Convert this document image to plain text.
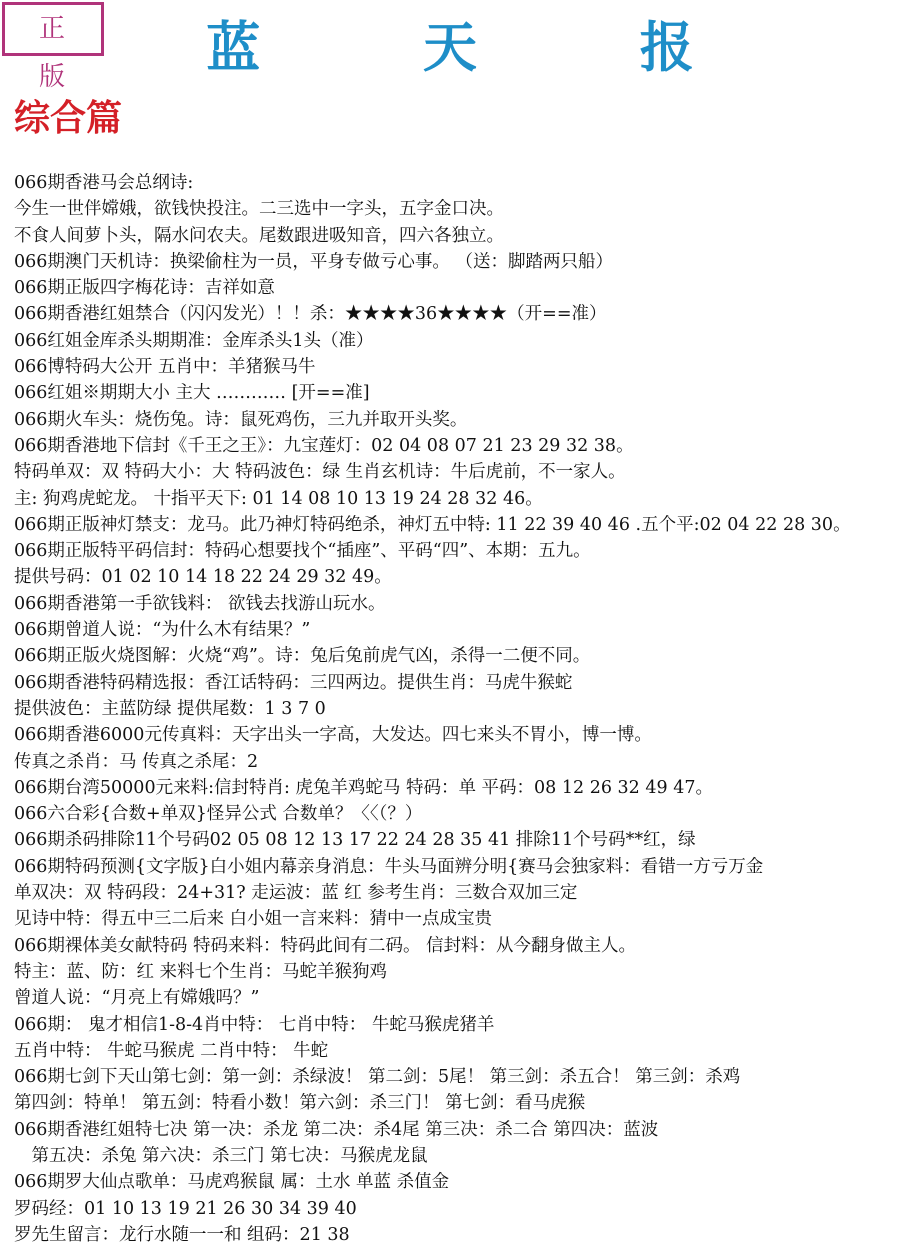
正 版	蓝 天 报
综合篇
066期香港马会总纲诗:
今生一世伴嫦娥，欲钱快投注。二三选中一字头，五字金口决。
不食人间萝卜头，隔水问农夫。尾数跟进吸知音，四六各独立。
066期澳门天机诗：换梁偷柱为一员，平身专做亏心事。 （送：脚踏两只船）
066期正版四字梅花诗：吉祥如意
066期香港红姐禁合（闪闪发光）！！杀：★★★★36★★★★（开==准）
066红姐金库杀头期期准：金库杀头1头（准）
066博特码大公开 五肖中：羊猪猴马牛
066红姐※期期大小 主大 ………… [开==准]
066期火车头：烧伤兔。诗：鼠死鸡伤，三九并取开头奖。
066期香港地下信封《千王之王》：九宝莲灯：02 04 08 07 21 23 29 32 38。
特码单双：双 特码大小：大 特码波色：绿 生肖玄机诗：牛后虎前，不一家人。
主: 狗鸡虎蛇龙。 十指平天下: 01 14 08 10 13 19 24 28 32 46。
066期正版神灯禁支：龙马。此乃神灯特码绝杀，神灯五中特: 11 22 39 40 46 .五个平:02 04 22 28 30。
066期正版特平码信封：特码心想要找个“插座”、平码“四”、本期：五九。
提供号码：01 02 10 14 18 22 24 29 32 49。
066期香港第一手欲钱料： 欲钱去找游山玩水。
066期曾道人说：“为什么木有结果？”
066期正版火烧图解：火烧“鸡”。诗：兔后兔前虎气凶，杀得一二便不同。
066期香港特码精选报：香江话特码：三四两边。提供生肖：马虎牛猴蛇
提供波色：主蓝防绿 提供尾数：1 3 7 0
066期香港6000元传真料：天字出头一字高，大发达。四七来头不胃小，博一博。
传真之杀肖：马 传真之杀尾：2
066期台湾50000元来料:信封特肖: 虎兔羊鸡蛇马 特码：单 平码：08 12 26 32 49 47。
066六合彩{合数+单双}怪异公式 合数单？〈〈（？）
066期杀码排除11个号码02 05 08 12 13 17 22 24 28 35 41 排除11个号码**红，绿
066期特码预测{文字版}白小姐内幕亲身消息：牛头马面辨分明{赛马会独家料：看错一方亏万金
单双决：双 特码段：24+31? 走运波：蓝 红 参考生肖：三数合双加三定
见诗中特：得五中三二后来 白小姐一言来料：猜中一点成宝贵
066期裸体美女献特码 特码来料：特码此间有二码。 信封料：从今翻身做主人。
特主：蓝、防：红 来料七个生肖：马蛇羊猴狗鸡
曾道人说：“月亮上有嫦娥吗？”
066期： 鬼才相信1-8-4肖中特： 七肖中特： 牛蛇马猴虎猪羊
五肖中特： 牛蛇马猴虎 二肖中特： 牛蛇
066期七剑下天山第七剑：第一剑：杀绿波！ 第二剑：5尾！ 第三剑：杀五合！ 第三剑：杀鸡
第四剑：特单！ 第五剑：特看小数！第六剑：杀三门！ 第七剑：看马虎猴
066期香港红姐特七决 第一决：杀龙 第二决：杀4尾 第三决：杀二合 第四决：蓝波
　第五决：杀兔 第六决：杀三门 第七决：马猴虎龙鼠
066期罗大仙点歌单：马虎鸡猴鼠 属：土水 单蓝 杀值金
罗码经：01 10 13 19 21 26 30 34 39 40
罗先生留言：龙行水随一一和 组码：21 38
